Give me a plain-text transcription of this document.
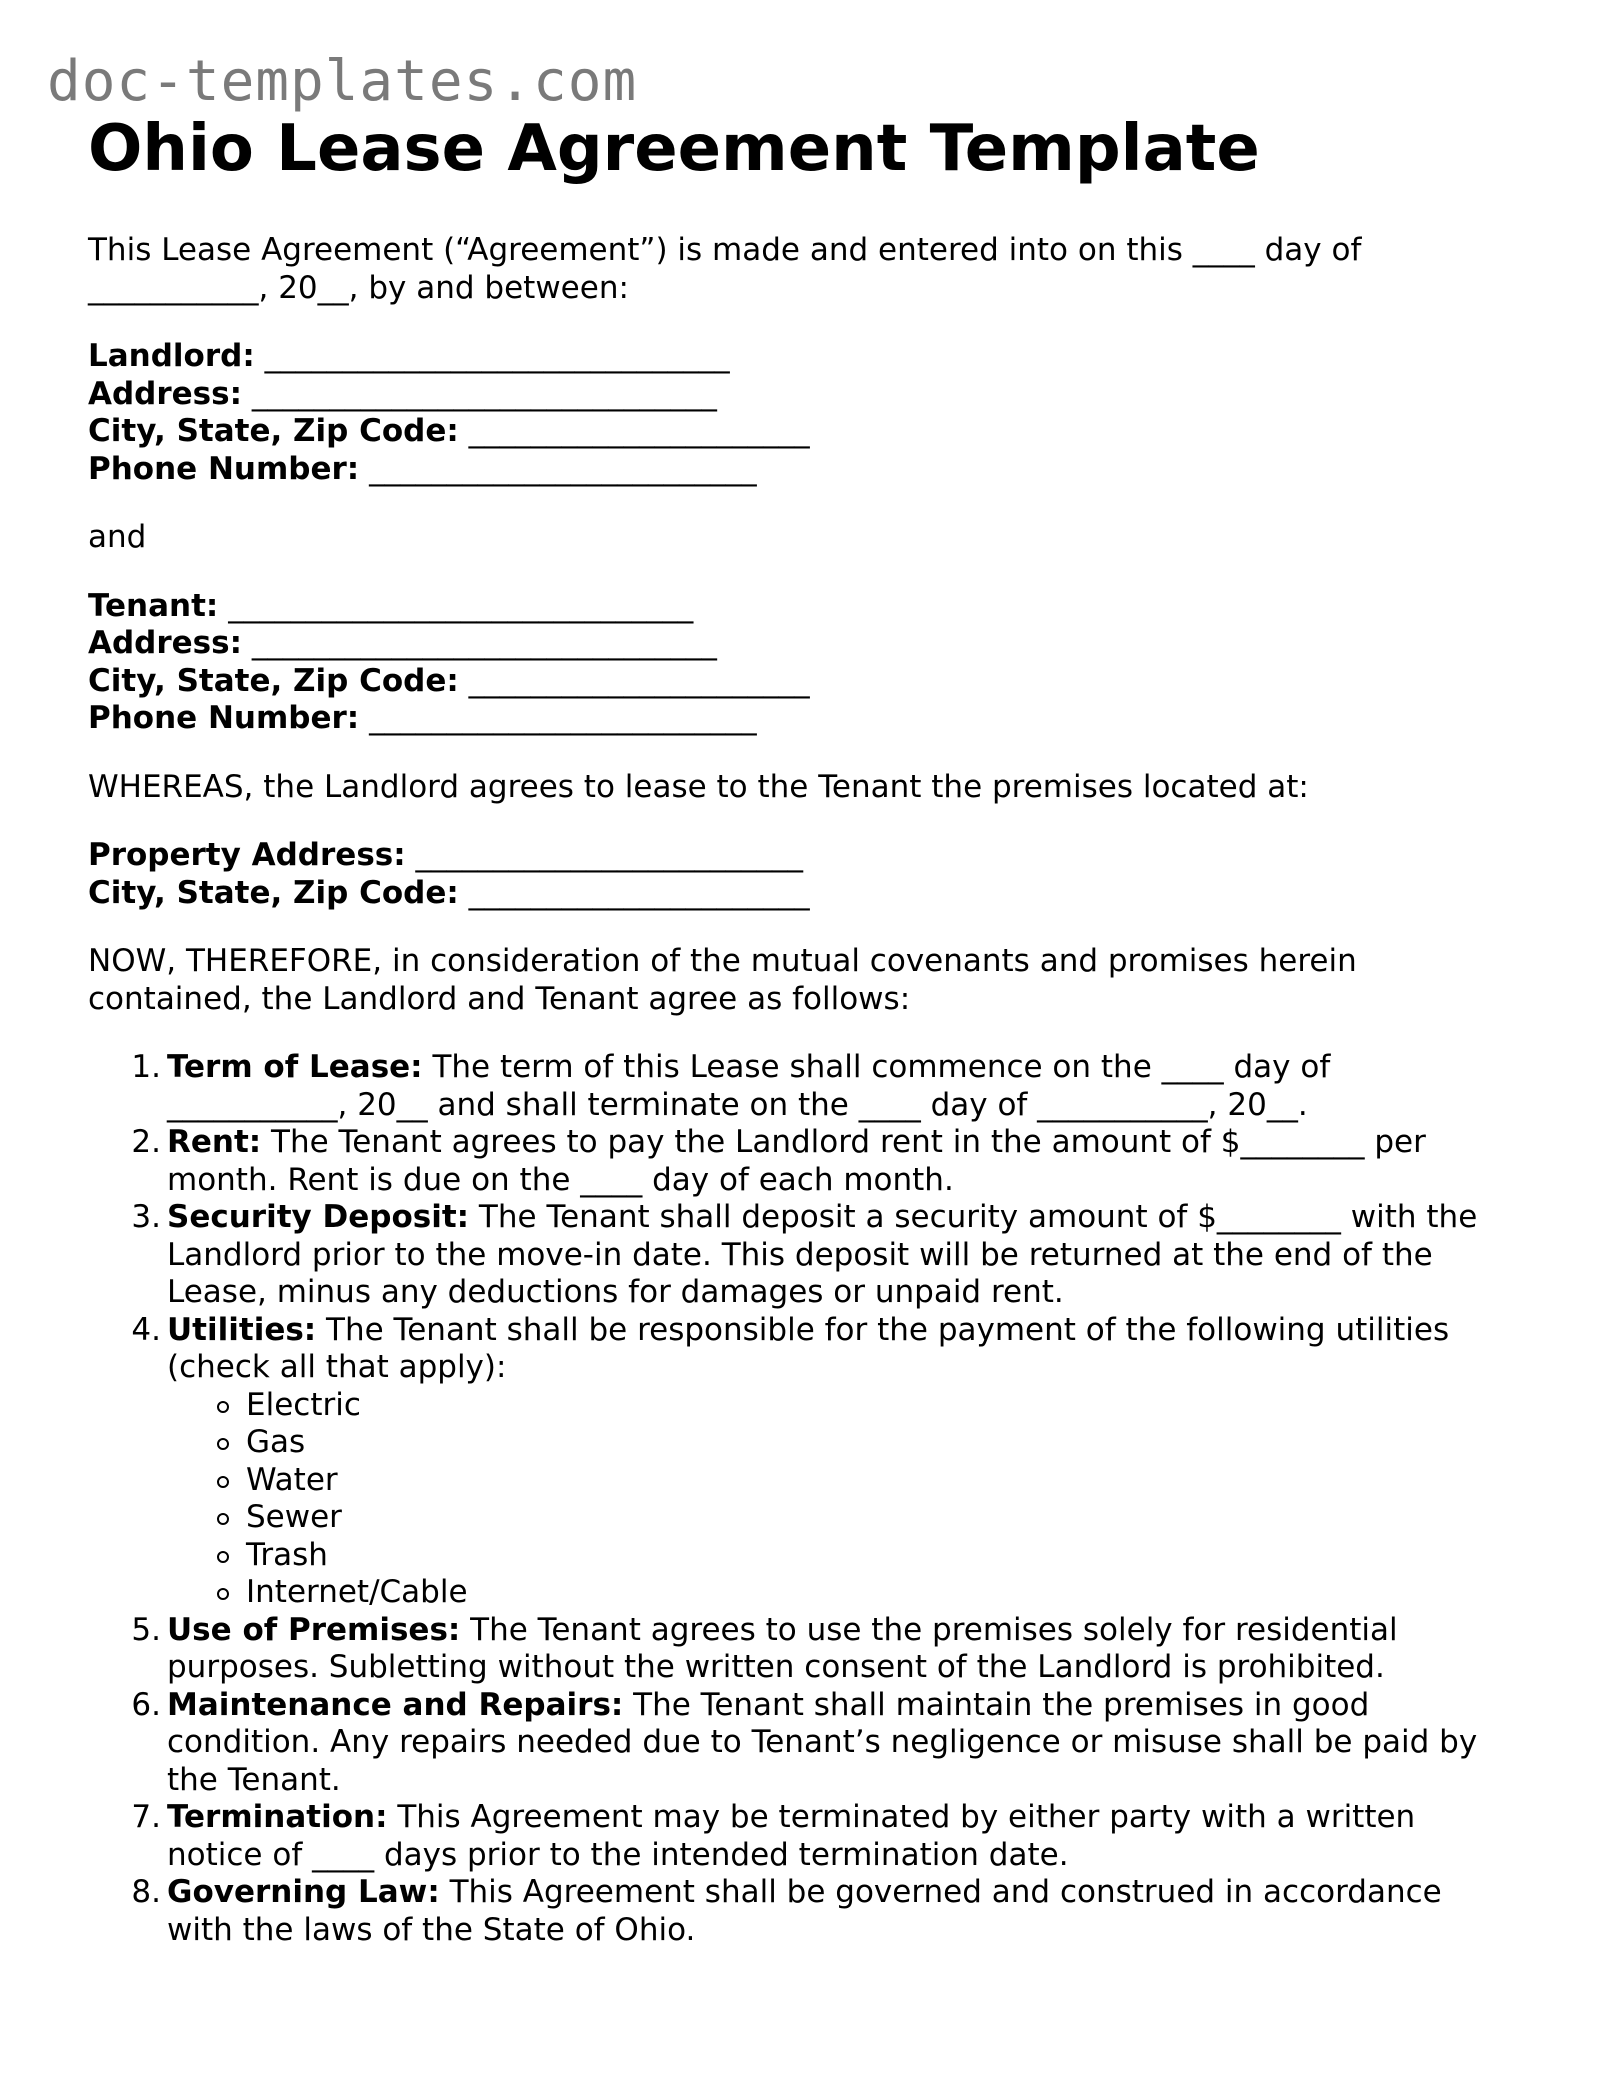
doc-templates.com
Ohio Lease Agreement Template

This Lease Agreement (“Agreement”) is made and entered into on this ____ day of

___________, 20__, by and between:

Landlord: ______________________________
Address: ______________________________
City, State, Zip Code: ______________________
Phone Number: _________________________

and

Tenant: ______________________________
Address: ______________________________
City, State, Zip Code: ______________________
Phone Number: _________________________

WHEREAS, the Landlord agrees to lease to the Tenant the premises located at:

Property Address: _________________________
City, State, Zip Code: ______________________

NOW, THEREFORE, in consideration of the mutual covenants and promises herein

contained, the Landlord and Tenant agree as follows:

Term of Lease: The term of this Lease shall commence on the ____ day of ___________, 20__ and shall terminate on the ____ day of ___________, 20__.
Rent: The Tenant agrees to pay the Landlord rent in the amount of $________ per month. Rent is due on the ____ day of each month.
Security Deposit: The Tenant shall deposit a security amount of $________ with the Landlord prior to the move-in date. This deposit will be returned at the end of the Lease, minus any deductions for damages or unpaid rent.
Utilities: The Tenant shall be responsible for the payment of the following utilities (check all that apply):
Electric
Gas
Water
Sewer
Trash
Internet/Cable
Use of Premises: The Tenant agrees to use the premises solely for residential purposes. Subletting without the written consent of the Landlord is prohibited.
Maintenance and Repairs: The Tenant shall maintain the premises in good condition. Any repairs needed due to Tenant’s negligence or misuse shall be paid by the Tenant.
Termination: This Agreement may be terminated by either party with a written notice of ____ days prior to the intended termination date.
Governing Law: This Agreement shall be governed and construed in accordance with the laws of the State of Ohio.
